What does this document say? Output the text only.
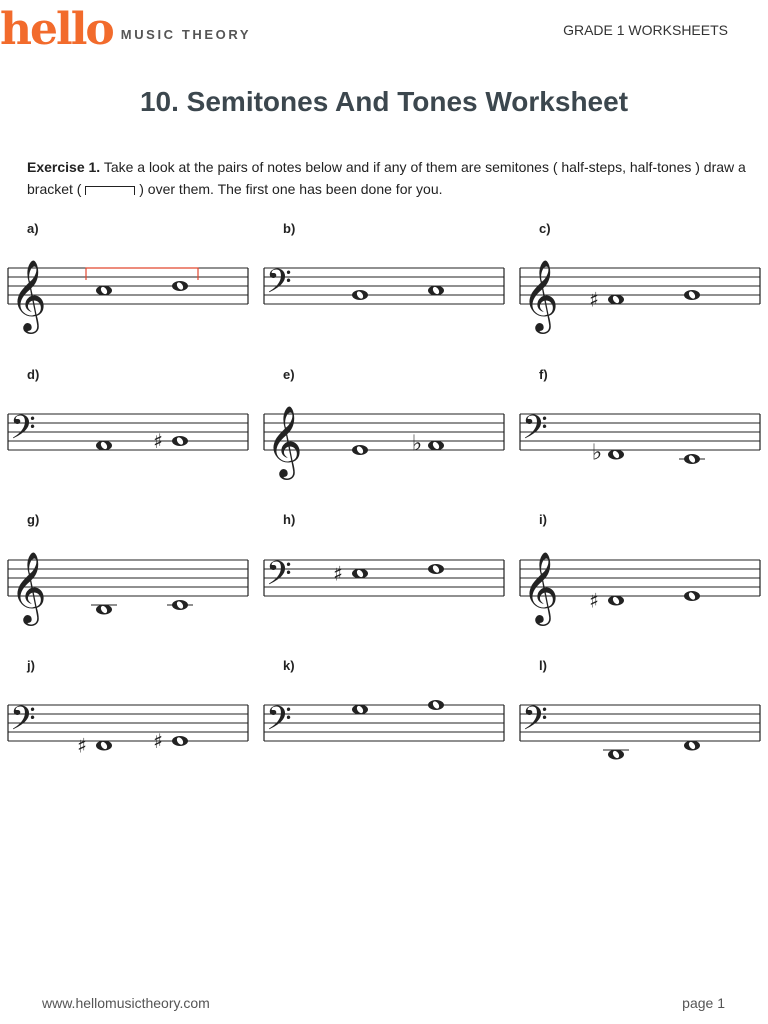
hello MUSIC THEORY	GRADE 1 WORKSHEETS
10. Semitones And Tones Worksheet
Exercise 1. Take a look at the pairs of notes below and if any of them are semitones ( half-steps, half-tones ) draw a bracket (	) over them. The first one has been done for you.
a)	b)	c)
d)	e)	f)
g)	h)	i)
j)	k)	l)
𝄞	𝄢	𝄞 ♯
𝄢	♯ 𝄞	♭ 𝄢 ♭
𝄞	𝄢 ♯	𝄞 ♯
𝄢 ♯	♯	𝄢	𝄢
www.hellomusictheory.com	page 1
